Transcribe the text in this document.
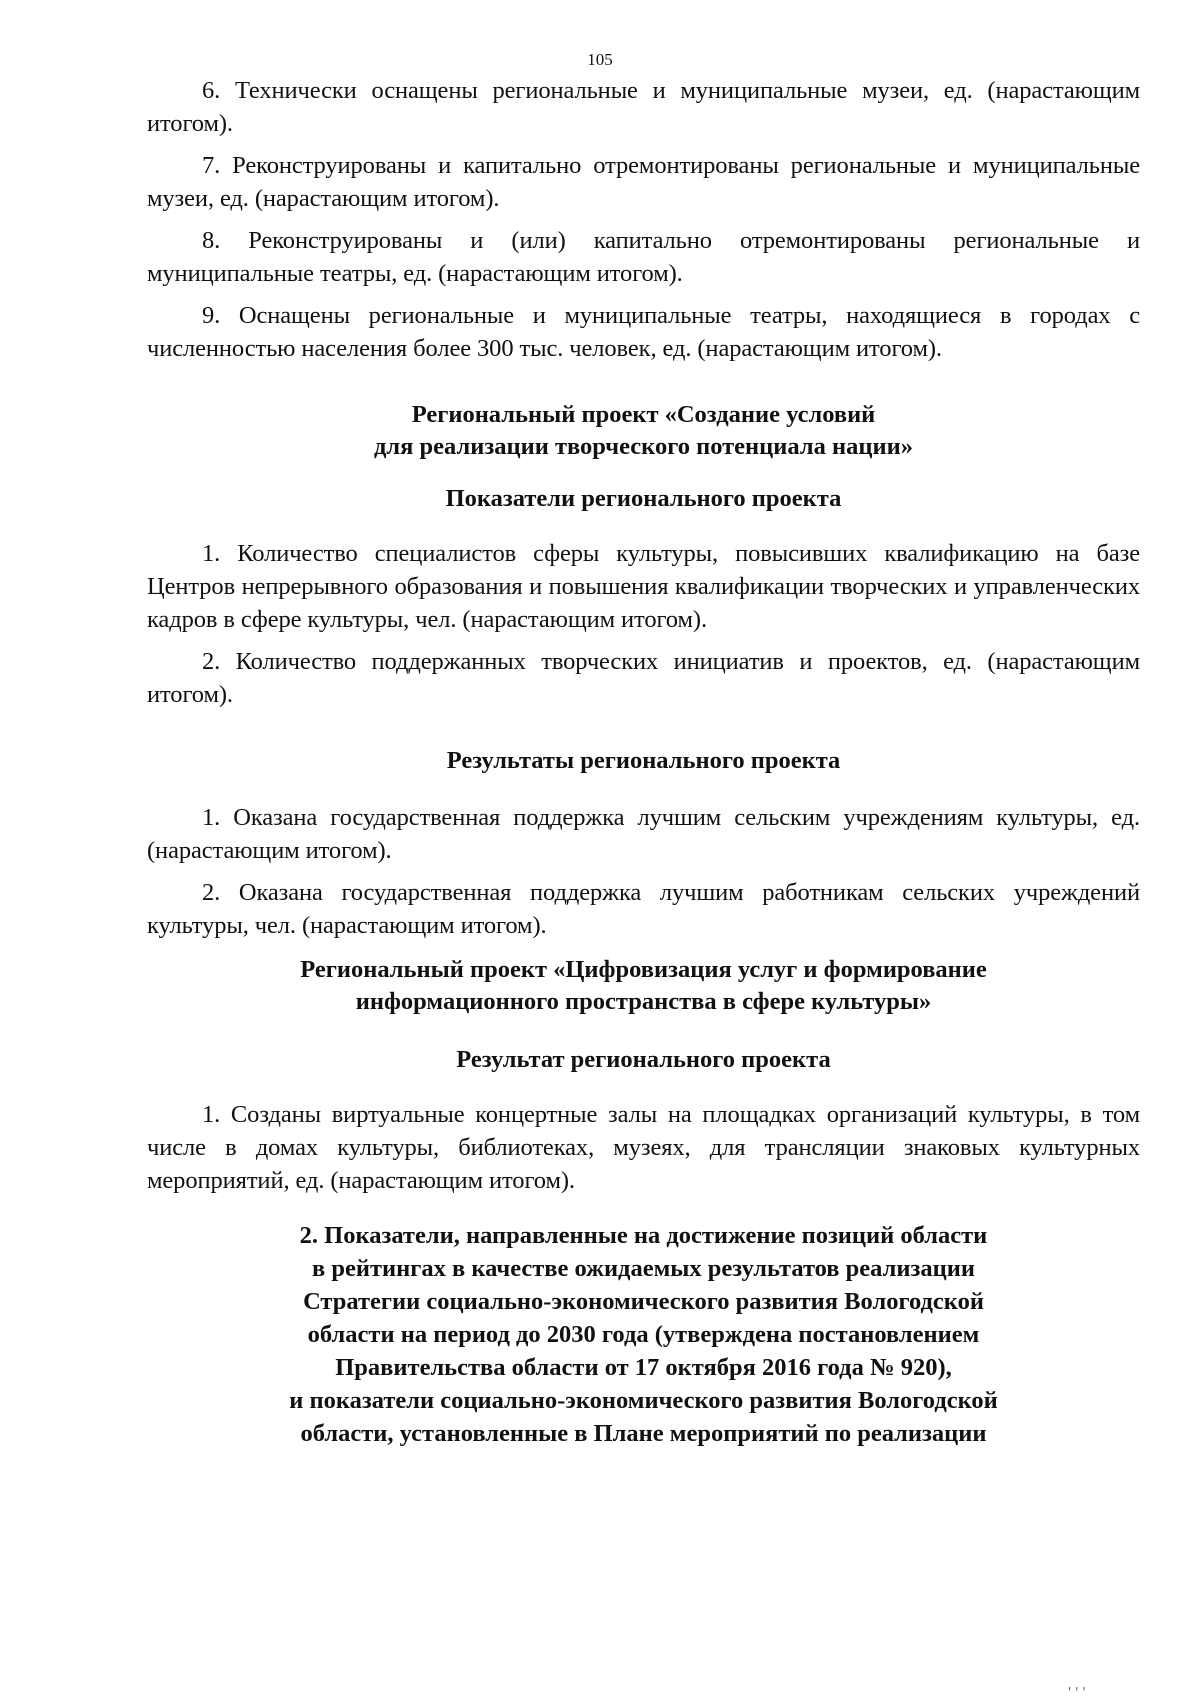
105

6. Технически оснащены региональные и муниципальные музеи, ед. (нарастающим итогом).

7. Реконструированы и капитально отремонтированы региональные и муниципальные музеи, ед. (нарастающим итогом).

8. Реконструированы и (или) капитально отремонтированы региональные и муниципальные театры, ед. (нарастающим итогом).

9. Оснащены региональные и муниципальные театры, находящиеся в городах с численностью населения более 300 тыс. человек, ед. (нарастающим итогом).

Региональный проект «Создание условий
для реализации творческого потенциала нации»
Показатели регионального проекта

1. Количество специалистов сферы культуры, повысивших квалификацию на базе Центров непрерывного образования и повышения квалификации творческих и управленческих кадров в сфере культуры, чел. (нарастающим итогом).

2. Количество поддержанных творческих инициатив и проектов, ед. (нарастающим итогом).

Результаты регионального проекта

1. Оказана государственная поддержка лучшим сельским учреждениям культуры, ед. (нарастающим итогом).

2. Оказана государственная поддержка лучшим работникам сельских учреждений культуры, чел. (нарастающим итогом).

Региональный проект «Цифровизация услуг и формирование
информационного пространства в сфере культуры»
Результат регионального проекта

1. Созданы виртуальные концертные залы на площадках организаций культуры, в том числе в домах культуры, библиотеках, музеях, для трансляции знаковых культурных мероприятий, ед. (нарастающим итогом).

2. Показатели, направленные на достижение позиций области
в рейтингах в качестве ожидаемых результатов реализации
Стратегии социально-экономического развития Вологодской
области на период до 2030 года (утверждена постановлением
Правительства области от 17 октября 2016 года № 920),
и показатели социально-экономического развития Вологодской
области, установленные в Плане мероприятий по реализации
' ' '
